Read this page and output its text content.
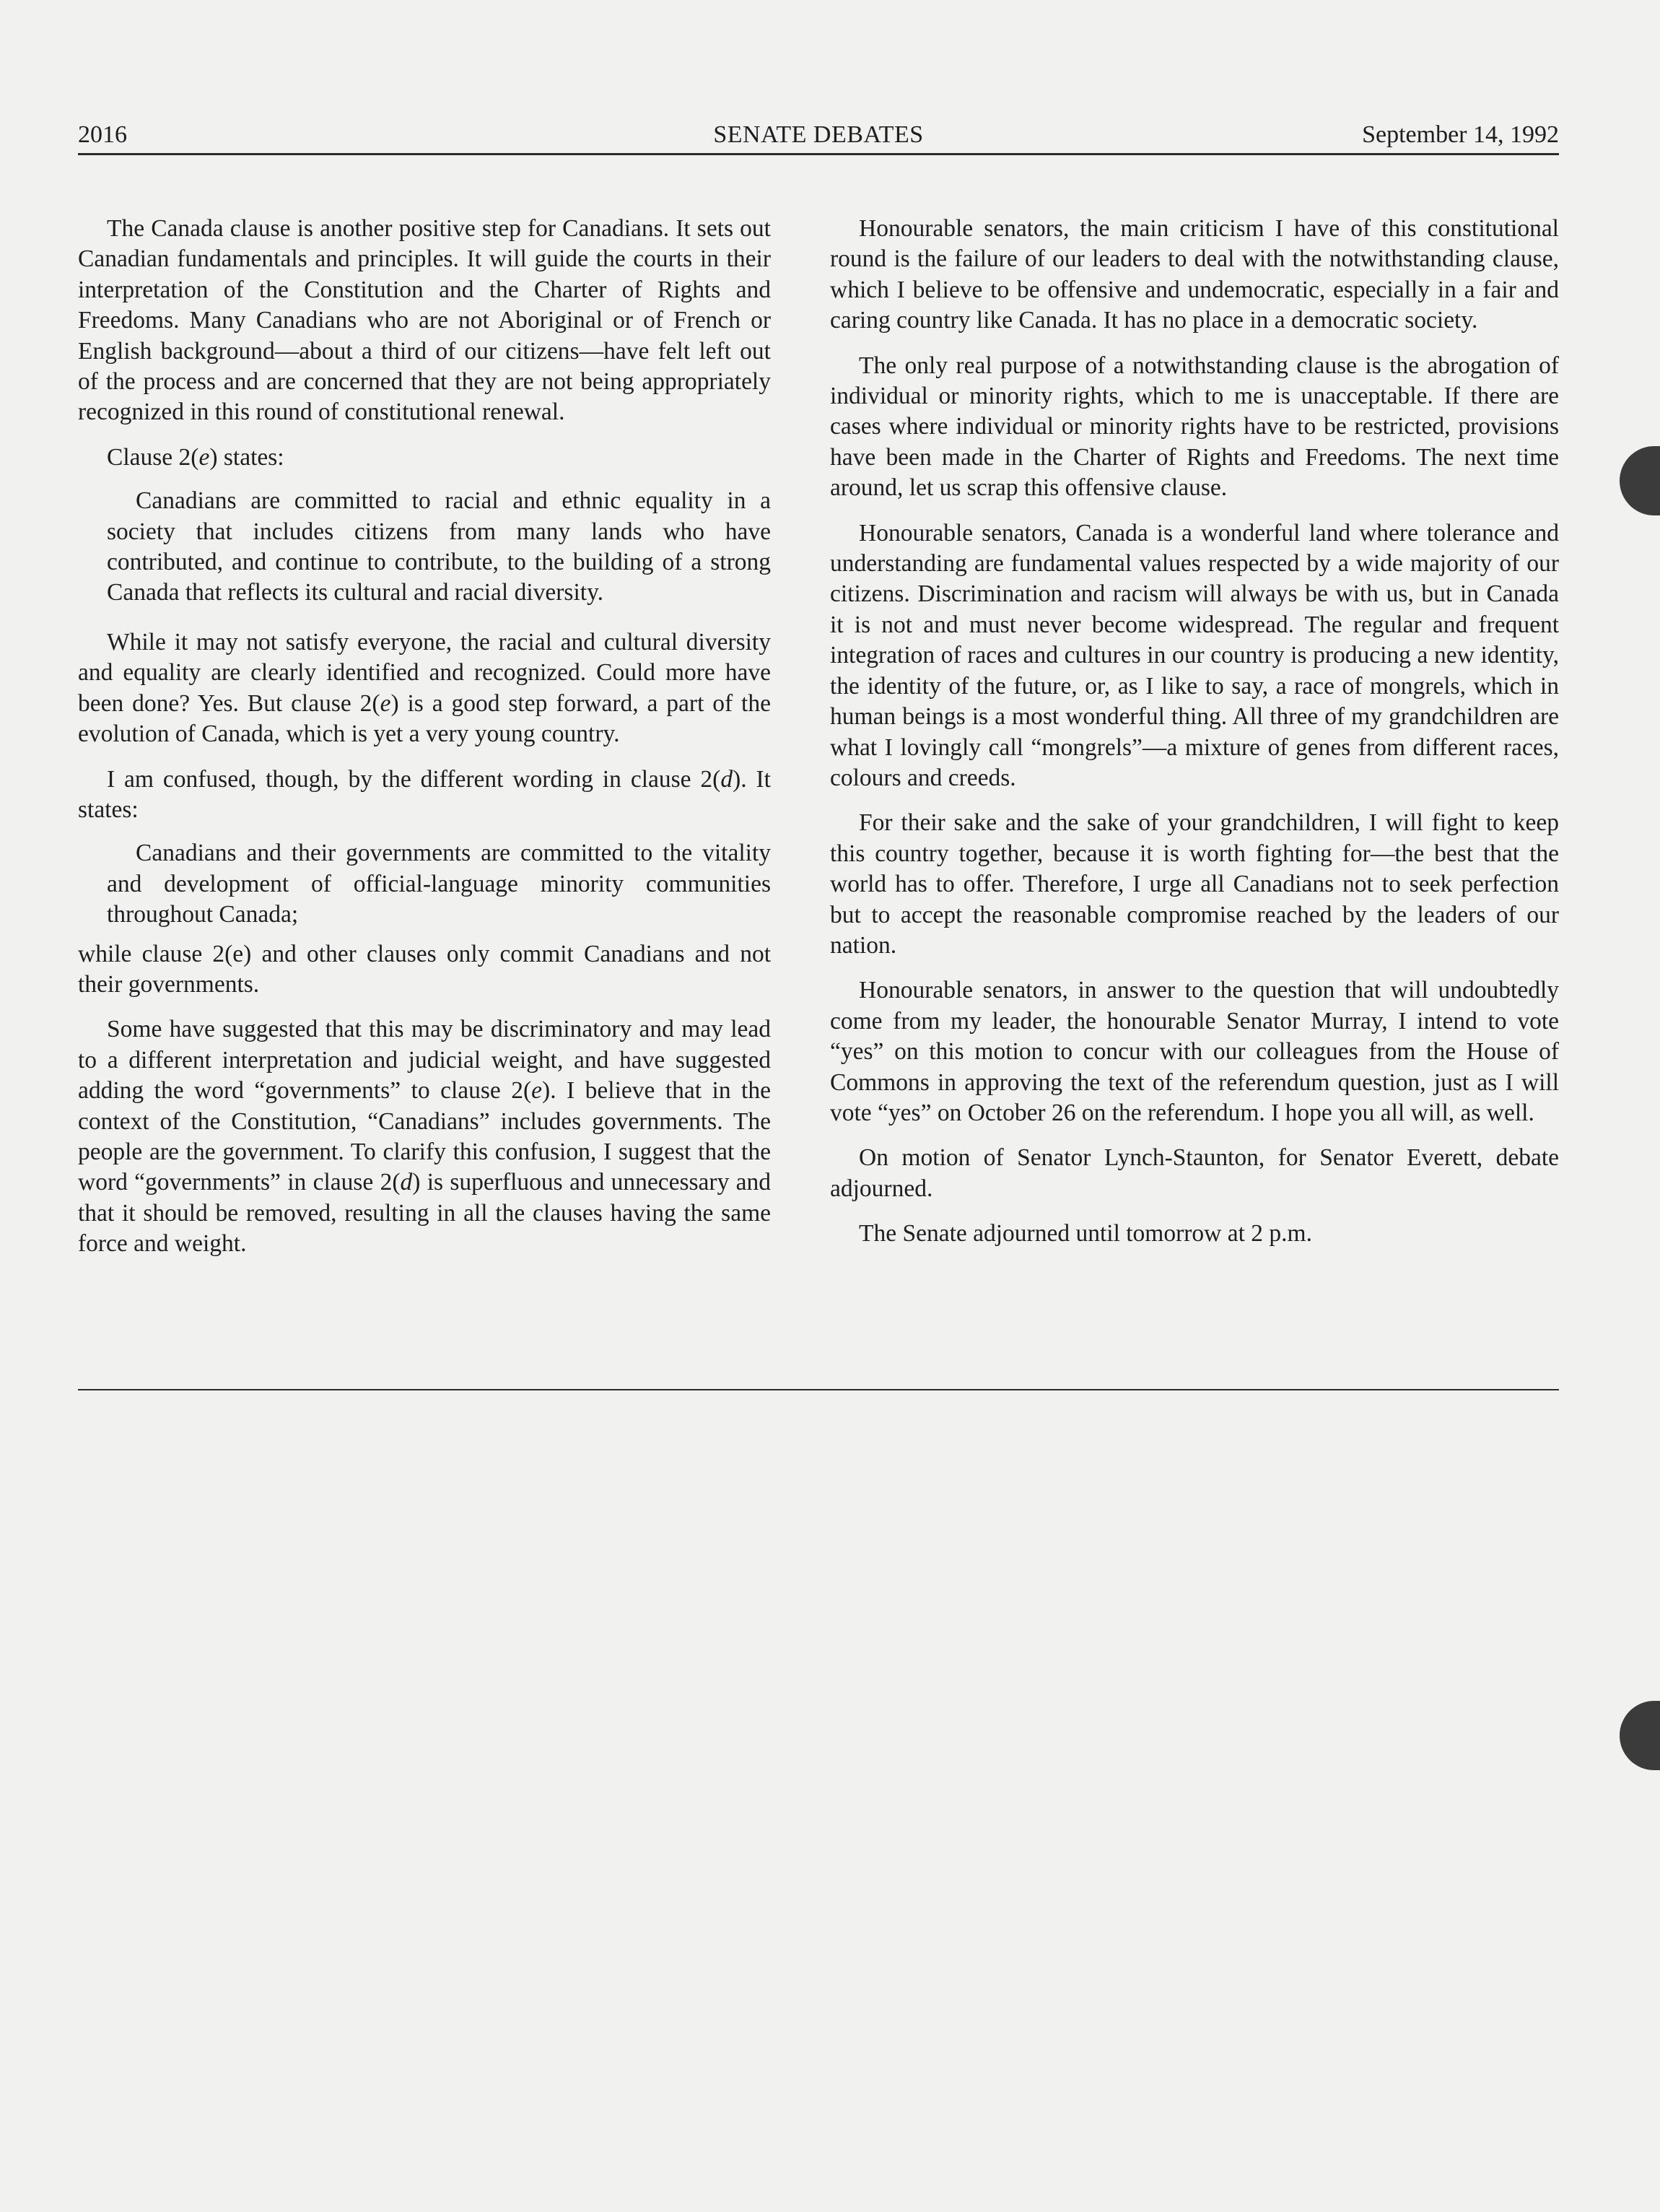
2016	SENATE DEBATES	September 14, 1992

The Canada clause is another positive step for Canadians. It sets out Canadian fundamentals and principles. It will guide the courts in their interpretation of the Constitution and the Charter of Rights and Freedoms. Many Canadians who are not Aboriginal or of French or English background—about a third of our citizens—have felt left out of the process and are concerned that they are not being appropriately recognized in this round of constitutional renewal.

Clause 2(e) states:

Canadians are committed to racial and ethnic equality in a society that includes citizens from many lands who have contributed, and continue to contribute, to the building of a strong Canada that reflects its cultural and racial diversity.

While it may not satisfy everyone, the racial and cultural diversity and equality are clearly identified and recognized. Could more have been done? Yes. But clause 2(e) is a good step forward, a part of the evolution of Canada, which is yet a very young country.

I am confused, though, by the different wording in clause 2(d). It states:

Canadians and their governments are committed to the vitality and development of official-language minority communities throughout Canada;

while clause 2(e) and other clauses only commit Canadians and not their governments.

Some have suggested that this may be discriminatory and may lead to a different interpretation and judicial weight, and have suggested adding the word “governments” to clause 2(e). I believe that in the context of the Constitution, “Canadians” includes governments. The people are the government. To clarify this confusion, I suggest that the word “governments” in clause 2(d) is superfluous and unnecessary and that it should be removed, resulting in all the clauses having the same force and weight.

Honourable senators, the main criticism I have of this constitutional round is the failure of our leaders to deal with the notwithstanding clause, which I believe to be offensive and undemocratic, especially in a fair and caring country like Canada. It has no place in a democratic society.

The only real purpose of a notwithstanding clause is the abrogation of individual or minority rights, which to me is unacceptable. If there are cases where individual or minority rights have to be restricted, provisions have been made in the Charter of Rights and Freedoms. The next time around, let us scrap this offensive clause.

Honourable senators, Canada is a wonderful land where tolerance and understanding are fundamental values respected by a wide majority of our citizens. Discrimination and racism will always be with us, but in Canada it is not and must never become widespread. The regular and frequent integration of races and cultures in our country is producing a new identity, the identity of the future, or, as I like to say, a race of mongrels, which in human beings is a most wonderful thing. All three of my grandchildren are what I lovingly call “mongrels”—a mixture of genes from different races, colours and creeds.

For their sake and the sake of your grandchildren, I will fight to keep this country together, because it is worth fighting for—the best that the world has to offer. Therefore, I urge all Canadians not to seek perfection but to accept the reasonable compromise reached by the leaders of our nation.

Honourable senators, in answer to the question that will undoubtedly come from my leader, the honourable Senator Murray, I intend to vote “yes” on this motion to concur with our colleagues from the House of Commons in approving the text of the referendum question, just as I will vote “yes” on October 26 on the referendum. I hope you all will, as well.

On motion of Senator Lynch-Staunton, for Senator Everett, debate adjourned.

The Senate adjourned until tomorrow at 2 p.m.
